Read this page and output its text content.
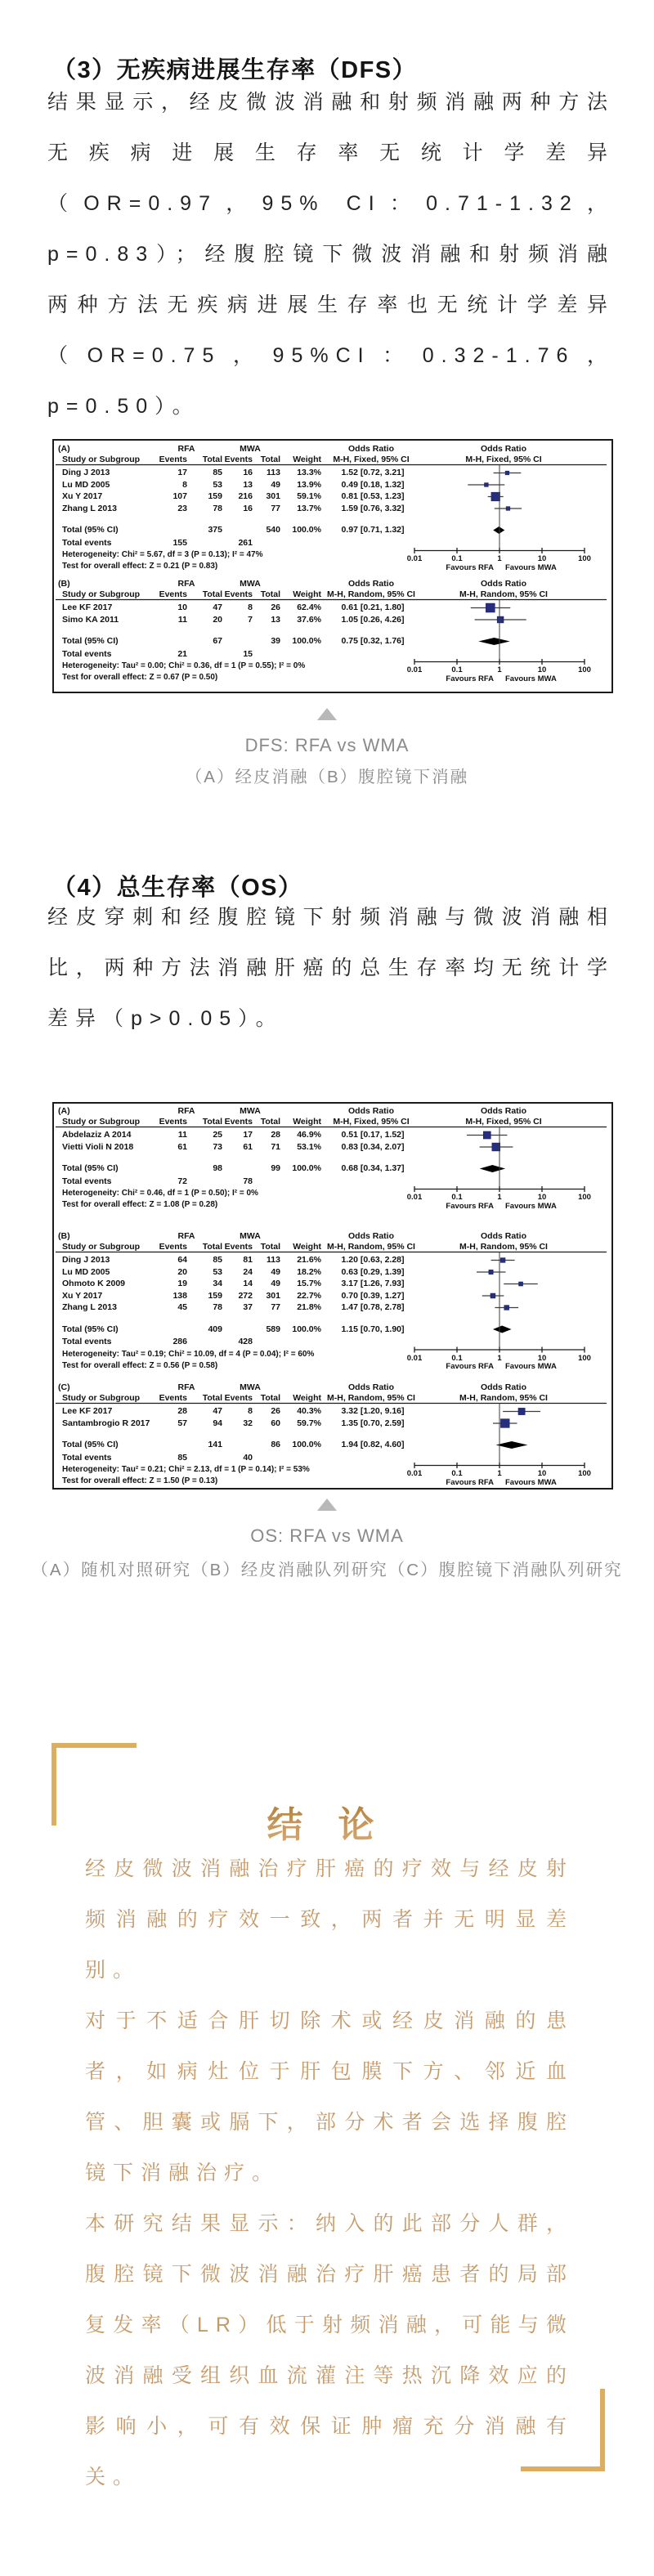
（3）无疾病进展生存率（DFS）

结果显示，经皮微波消融和射频消融两种方法无疾病进展生存率无统计学差异（OR=0.97，95% CI：0.71-1.32，p=0.83）；经腹腔镜下微波消融和射频消融两种方法无疾病进展生存率也无统计学差异（OR=0.75，95%CI：0.32-1.76，p=0.50）。

(A)	RFA	MWA	Odds Ratio	Odds Ratio
Study or Subgroup Events Total Events Total Weight M-H, Fixed, 95% CI	M-H, Fixed, 95% CI
Ding J 2013	17	85 16 113 13.3% 1.52 [0.72, 3.21]
Lu MD 2005	8	53 13 49 13.9% 0.49 [0.18, 1.32]
Xu Y 2017	107 159 216 301 59.1% 0.81 [0.53, 1.23]
Zhang L 2013	23	78 16 77 13.7% 1.59 [0.76, 3.32]
Total (95% CI)	375	540 100.0% 0.97 [0.71, 1.32]
Total events	155	261
Heterogeneity: Chi² = 5.67, df = 3 (P = 0.13); I² = 47%
Test for overall effect: Z = 0.21 (P = 0.83)
0.01	0.1	1	10	100
Favours RFA Favours MWA
(B)	RFA	MWA	Odds Ratio	Odds Ratio
Study or Subgroup Events Total Events Total Weight M-H, Random, 95% CI	M-H, Random, 95% CI
Lee KF 2017	10	47	8 26 62.4% 0.61 [0.21, 1.80]
Simo KA 2011	11	20	7 13 37.6% 1.05 [0.26, 4.26]
Total (95% CI)	67	39 100.0% 0.75 [0.32, 1.76]
Total events	21	15
Heterogeneity: Tau² = 0.00; Chi² = 0.36, df = 1 (P = 0.55); I² = 0%
Test for overall effect: Z = 0.67 (P = 0.50)
0.01	0.1	1	10	100
Favours RFA Favours MWA

DFS: RFA vs WMA

（A）经皮消融（B）腹腔镜下消融

（4）总生存率（OS）

经皮穿刺和经腹腔镜下射频消融与微波消融相比，两种方法消融肝癌的总生存率均无统计学差异（p>0.05）。

(A)	RFA	MWA	Odds Ratio	Odds Ratio
Study or Subgroup Events Total Events Total Weight M-H, Fixed, 95% CI	M-H, Fixed, 95% CI
Abdelaziz A 2014	11	25 17 28 46.9% 0.51 [0.17, 1.52]
Vietti Violi N 2018	61	73 61 71 53.1% 0.83 [0.34, 2.07]
Total (95% CI)	98	99 100.0% 0.68 [0.34, 1.37]
Total events	72	78
Heterogeneity: Chi² = 0.46, df = 1 (P = 0.50); I² = 0%
Test for overall effect: Z = 1.08 (P = 0.28)
0.01	0.1	1	10	100
Favours RFA Favours MWA
(B)	RFA	MWA	Odds Ratio	Odds Ratio
Study or Subgroup Events Total Events Total Weight M-H, Random, 95% CI	M-H, Random, 95% CI
Ding J 2013	64	85 81 113 21.6% 1.20 [0.63, 2.28]
Lu MD 2005	20	53 24 49 18.2% 0.63 [0.29, 1.39]
Ohmoto K 2009	19	34 14 49 15.7% 3.17 [1.26, 7.93]
Xu Y 2017	138 159 272 301 22.7% 0.70 [0.39, 1.27]
Zhang L 2013	45	78 37 77 21.8% 1.47 [0.78, 2.78]
Total (95% CI)	409	589 100.0% 1.15 [0.70, 1.90]
Total events	286	428
Heterogeneity: Tau² = 0.19; Chi² = 10.09, df = 4 (P = 0.04); I² = 60%
Test for overall effect: Z = 0.56 (P = 0.58)
0.01	0.1	1	10	100
Favours RFA Favours MWA
(C)	RFA	MWA	Odds Ratio	Odds Ratio
Study or Subgroup Events Total Events Total Weight M-H, Random, 95% CI	M-H, Random, 95% CI
Lee KF 2017	28	47	8 26 40.3% 3.32 [1.20, 9.16]
Santambrogio R 2017	57	94 32 60 59.7% 1.35 [0.70, 2.59]
Total (95% CI)	141	86 100.0% 1.94 [0.82, 4.60]
Total events	85	40
Heterogeneity: Tau² = 0.21; Chi² = 2.13, df = 1 (P = 0.14); I² = 53%
Test for overall effect: Z = 1.50 (P = 0.13)
0.01	0.1	1	10	100
Favours RFA Favours MWA

OS: RFA vs WMA

（A）随机对照研究（B）经皮消融队列研究（C）腹腔镜下消融队列研究

结 论

经皮微波消融治疗肝癌的疗效与经皮射频消融的疗效一致，两者并无明显差别。

对于不适合肝切除术或经皮消融的患者，如病灶位于肝包膜下方、邻近血管、胆囊或膈下，部分术者会选择腹腔镜下消融治疗。

本研究结果显示：纳入的此部分人群，腹腔镜下微波消融治疗肝癌患者的局部复发率（LR）低于射频消融，可能与微波消融受组织血流灌注等热沉降效应的影响小，可有效保证肿瘤充分消融有关。
